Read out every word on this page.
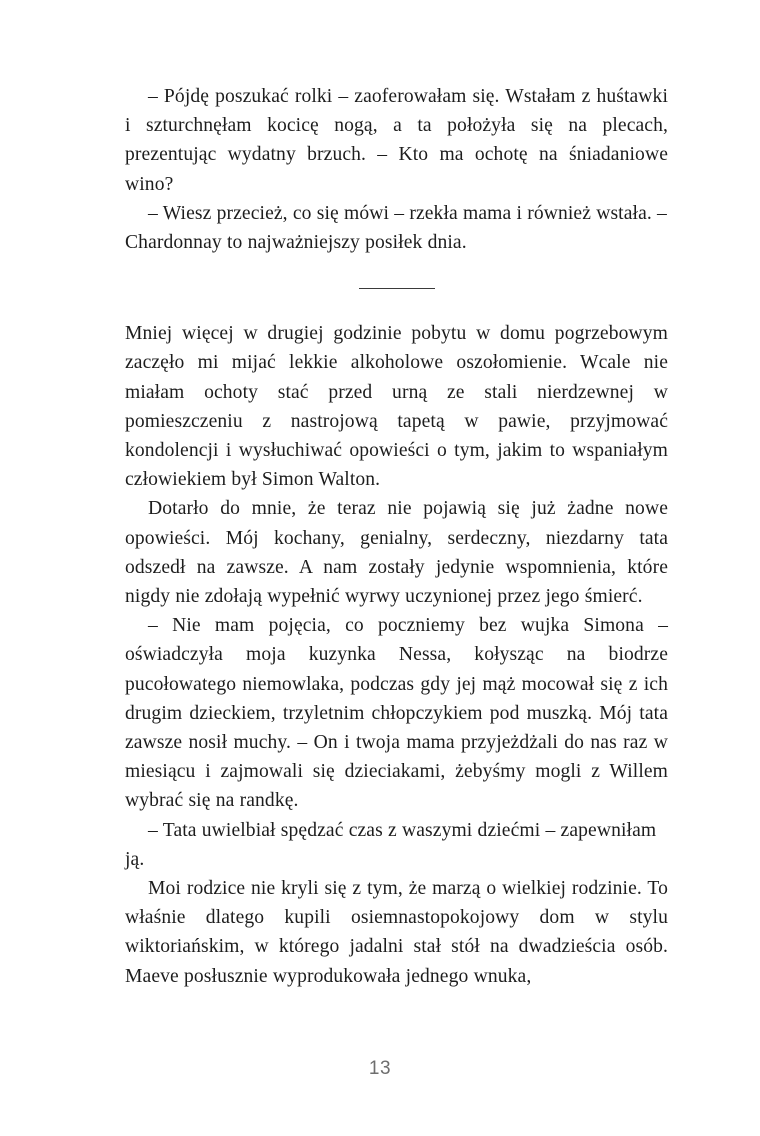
– Pójdę poszukać rolki – zaoferowałam się. Wstałam z huśtawki i szturchnęłam kocicę nogą, a ta położyła się na plecach, prezentując wydatny brzuch. – Kto ma ochotę na śniadaniowe wino?

– Wiesz przecież, co się mówi – rzekła mama i również wstała. – Chardonnay to najważniejszy posiłek dnia.

Mniej więcej w drugiej godzinie pobytu w domu pogrzebowym zaczęło mi mijać lekkie alkoholowe oszołomienie. Wcale nie miałam ochoty stać przed urną ze stali nierdzewnej w pomieszczeniu z nastrojową tapetą w pawie, przyjmować kondolencji i wysłuchiwać opowieści o tym, jakim to wspaniałym człowiekiem był Simon Walton.

Dotarło do mnie, że teraz nie pojawią się już żadne nowe opowieści. Mój kochany, genialny, serdeczny, niezdarny tata odszedł na zawsze. A nam zostały jedynie wspomnienia, które nigdy nie zdołają wypełnić wyrwy uczynionej przez jego śmierć.

– Nie mam pojęcia, co poczniemy bez wujka Simona – oświadczyła moja kuzynka Nessa, kołysząc na biodrze pucołowatego niemowlaka, podczas gdy jej mąż mocował się z ich drugim dzieckiem, trzyletnim chłopczykiem pod muszką. Mój tata zawsze nosił muchy. – On i twoja mama przyjeżdżali do nas raz w miesiącu i zajmowali się dzieciakami, żebyśmy mogli z Willem wybrać się na randkę.

– Tata uwielbiał spędzać czas z waszymi dziećmi – zapewniłam ją.

Moi rodzice nie kryli się z tym, że marzą o wielkiej rodzinie. To właśnie dlatego kupili osiemnastopokojowy dom w stylu wiktoriańskim, w którego jadalni stał stół na dwadzieścia osób. Maeve posłusznie wyprodukowała jednego wnuka,

13
